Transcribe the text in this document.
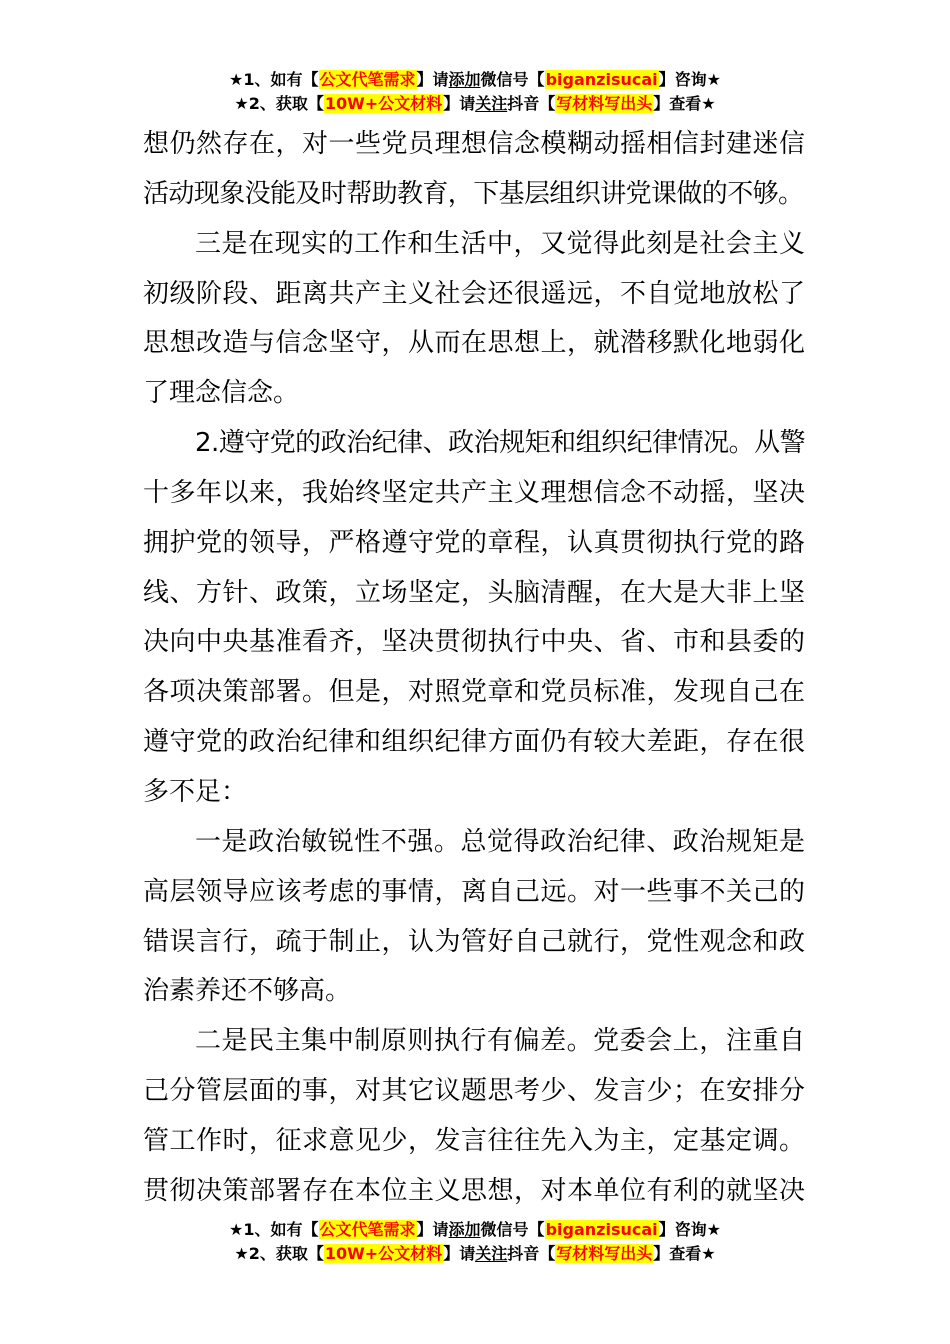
★1、如有【公文代笔需求】请添加微信号【biganzisucai】咨询★
★2、获取【10W+公文材料】请关注抖音【写材料写出头】查看★
想仍然存在，对一些党员理想信念模糊动摇相信封建迷信
活动现象没能及时帮助教育，下基层组织讲党课做的不够。
三是在现实的工作和生活中，又觉得此刻是社会主义
初级阶段、距离共产主义社会还很遥远，不自觉地放松了
思想改造与信念坚守，从而在思想上，就潜移默化地弱化
了理念信念。
2.遵守党的政治纪律、政治规矩和组织纪律情况。从警
十多年以来，我始终坚定共产主义理想信念不动摇，坚决
拥护党的领导，严格遵守党的章程，认真贯彻执行党的路
线、方针、政策，立场坚定，头脑清醒，在大是大非上坚
决向中央基准看齐，坚决贯彻执行中央、省、市和县委的
各项决策部署。但是，对照党章和党员标准，发现自己在
遵守党的政治纪律和组织纪律方面仍有较大差距，存在很
多不足：
一是政治敏锐性不强。总觉得政治纪律、政治规矩是
高层领导应该考虑的事情，离自己远。对一些事不关己的
错误言行，疏于制止，认为管好自己就行，党性观念和政
治素养还不够高。
二是民主集中制原则执行有偏差。党委会上，注重自
己分管层面的事，对其它议题思考少、发言少；在安排分
管工作时，征求意见少，发言往往先入为主，定基定调。
贯彻决策部署存在本位主义思想，对本单位有利的就坚决
★1、如有【公文代笔需求】请添加微信号【biganzisucai】咨询★
★2、获取【10W+公文材料】请关注抖音【写材料写出头】查看★
